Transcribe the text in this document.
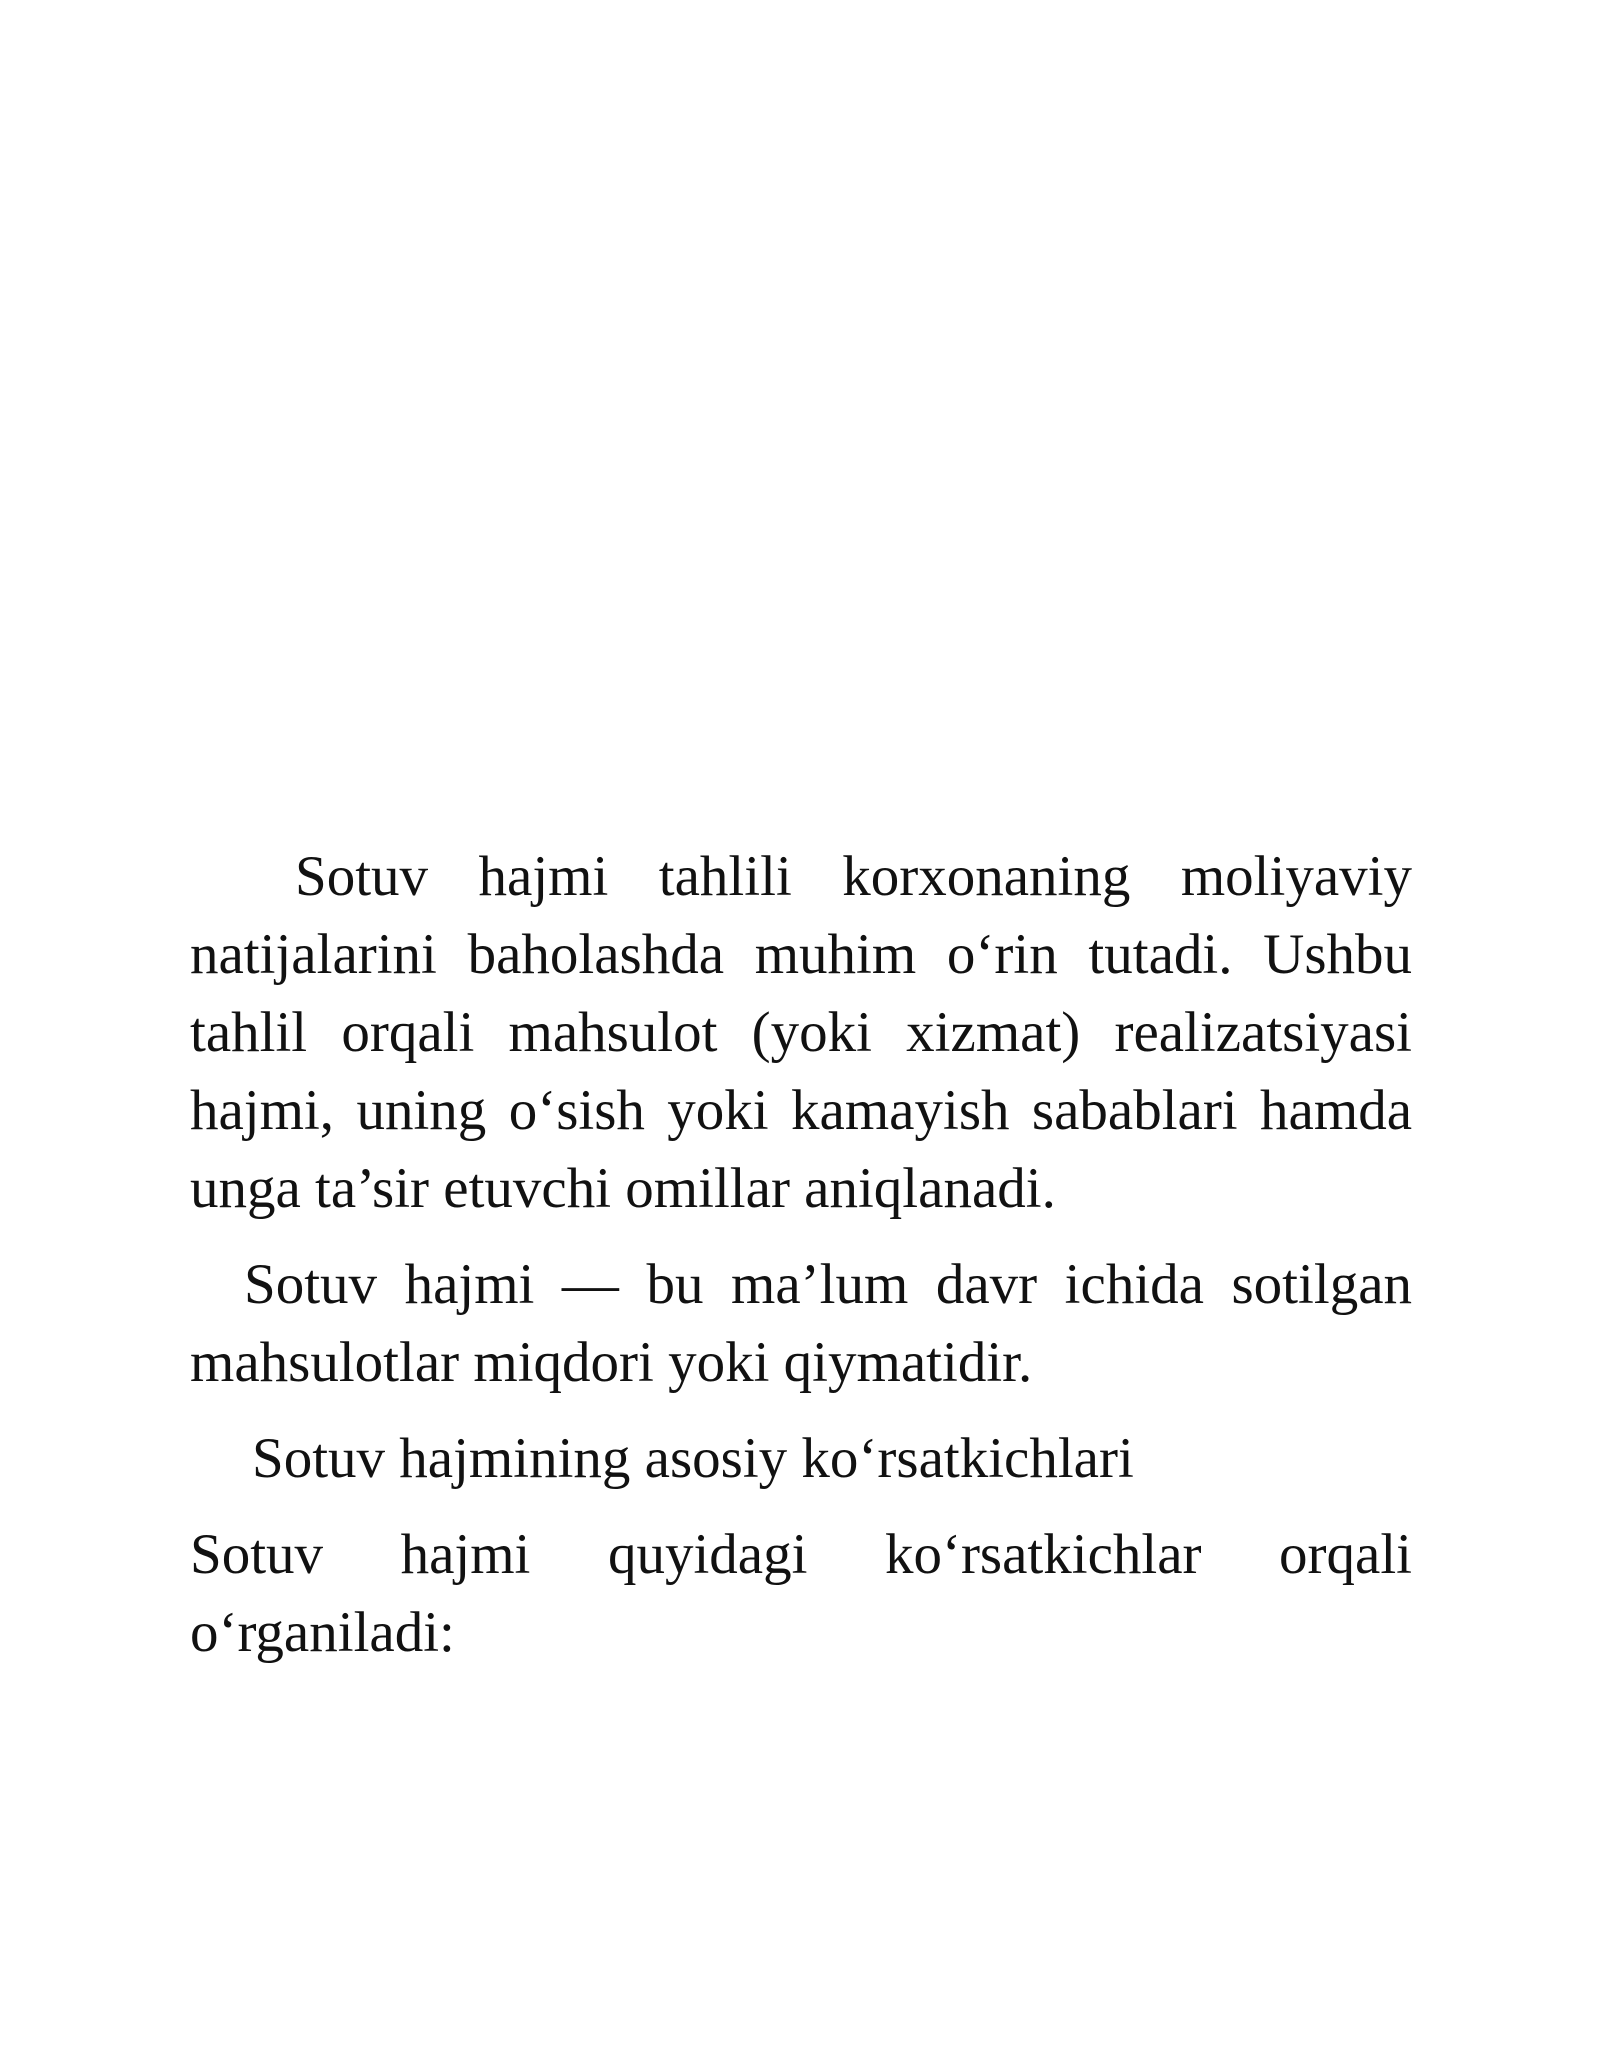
Sotuv hajmi tahlili korxonaning moliyaviy natijalarini baholashda muhim o‘rin tutadi. Ushbu tahlil orqali mahsulot (yoki xizmat) realizatsiyasi hajmi, uning o‘sish yoki kamayish sabablari hamda unga ta’sir etuvchi omillar aniqlanadi.

Sotuv hajmi — bu ma’lum davr ichida sotilgan mahsulotlar miqdori yoki qiymatidir.

Sotuv hajmining asosiy ko‘rsatkichlari

Sotuv hajmi quyidagi ko‘rsatkichlar orqali o‘rganiladi:
